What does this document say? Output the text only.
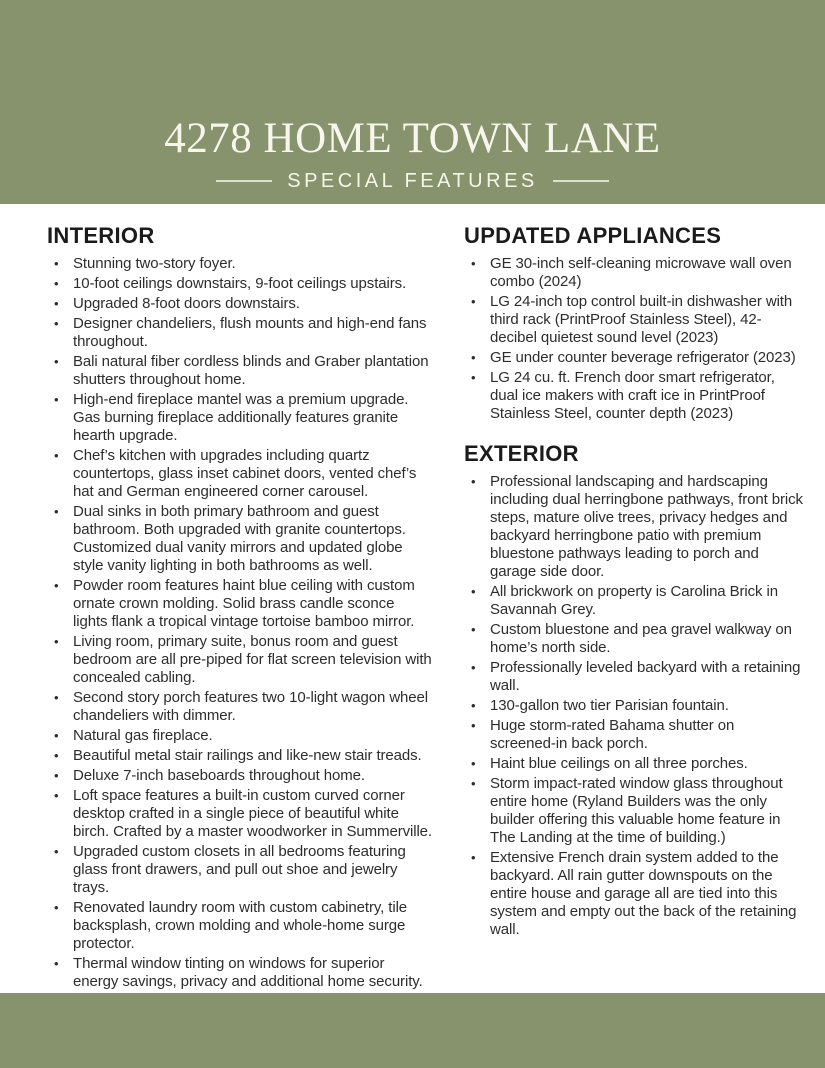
4278 HOME TOWN LANE
SPECIAL FEATURES
INTERIOR
• Stunning two-story foyer.
• 10-foot ceilings downstairs, 9-foot ceilings upstairs.
• Upgraded 8-foot doors downstairs.
• Designer chandeliers, flush mounts and high-end fans throughout.
• Bali natural fiber cordless blinds and Graber plantation shutters throughout home.
• High-end fireplace mantel was a premium upgrade. Gas burning fireplace additionally features granite hearth upgrade.
• Chef’s kitchen with upgrades including quartz countertops, glass inset cabinet doors, vented chef’s hat and German engineered corner carousel.
• Dual sinks in both primary bathroom and guest bathroom. Both upgraded with granite countertops. Customized dual vanity mirrors and updated globe style vanity lighting in both bathrooms as well.
• Powder room features haint blue ceiling with custom ornate crown molding. Solid brass candle sconce lights flank a tropical vintage tortoise bamboo mirror.
• Living room, primary suite, bonus room and guest bedroom are all pre-piped for flat screen television with concealed cabling.
• Second story porch features two 10-light wagon wheel chandeliers with dimmer.
• Natural gas fireplace.
• Beautiful metal stair railings and like-new stair treads.
• Deluxe 7-inch baseboards throughout home.
• Loft space features a built-in custom curved corner desktop crafted in a single piece of beautiful white birch. Crafted by a master woodworker in Summerville.
• Upgraded custom closets in all bedrooms featuring glass front drawers, and pull out shoe and jewelry trays.
• Renovated laundry room with custom cabinetry, tile backsplash, crown molding and whole-home surge protector.
• Thermal window tinting on windows for superior energy savings, privacy and additional home security.
•
UPDATED APPLIANCES
• GE 30-inch self-cleaning microwave wall oven combo (2024)
• LG 24-inch top control built-in dishwasher with third rack (PrintProof Stainless Steel), 42-decibel quietest sound level (2023)
• GE under counter beverage refrigerator (2023)
• LG 24 cu. ft. French door smart refrigerator, dual ice makers with craft ice in PrintProof Stainless Steel, counter depth (2023)
EXTERIOR
• Professional landscaping and hardscaping including dual herringbone pathways, front brick steps, mature olive trees, privacy hedges and backyard herringbone patio with premium bluestone pathways leading to porch and garage side door.
• All brickwork on property is Carolina Brick in Savannah Grey.
• Custom bluestone and pea gravel walkway on home’s north side.
• Professionally leveled backyard with a retaining wall.
• 130-gallon two tier Parisian fountain.
• Huge storm-rated Bahama shutter on screened-in back porch.
• Haint blue ceilings on all three porches.
• Storm impact-rated window glass throughout entire home (Ryland Builders was the only builder offering this valuable home feature in The Landing at the time of building.)
• Extensive French drain system added to the backyard. All rain gutter downspouts on the entire house and garage all are tied into this system and empty out the back of the retaining wall.
